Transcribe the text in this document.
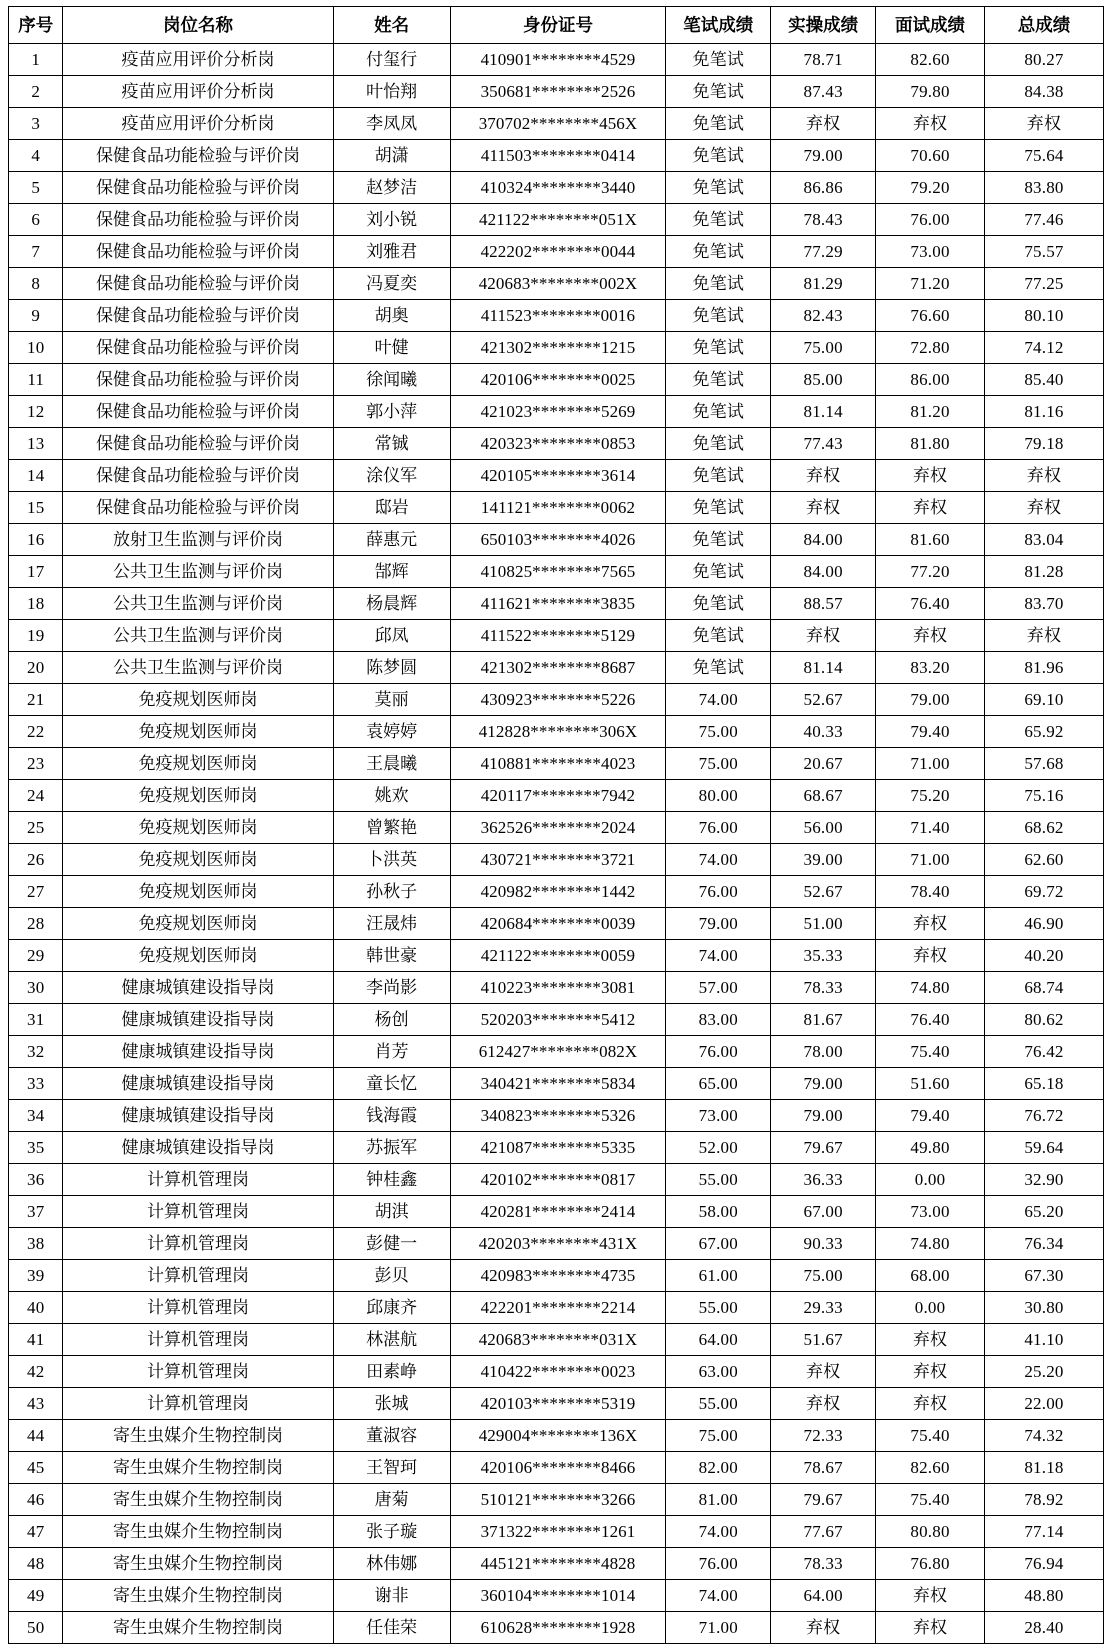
序号	岗位名称	姓名	身份证号	笔试成绩	实操成绩	面试成绩	总成绩
1	疫苗应用评价分析岗	付玺行	410901********4529	免笔试	78.71	82.60	80.27
2	疫苗应用评价分析岗	叶怡翔	350681********2526	免笔试	87.43	79.80	84.38
3	疫苗应用评价分析岗	李凤凤	370702********456X	免笔试	弃权	弃权	弃权
4	保健食品功能检验与评价岗	胡潇	411503********0414	免笔试	79.00	70.60	75.64
5	保健食品功能检验与评价岗	赵梦洁	410324********3440	免笔试	86.86	79.20	83.80
6	保健食品功能检验与评价岗	刘小锐	421122********051X	免笔试	78.43	76.00	77.46
7	保健食品功能检验与评价岗	刘雅君	422202********0044	免笔试	77.29	73.00	75.57
8	保健食品功能检验与评价岗	冯夏奕	420683********002X	免笔试	81.29	71.20	77.25
9	保健食品功能检验与评价岗	胡奥	411523********0016	免笔试	82.43	76.60	80.10
10	保健食品功能检验与评价岗	叶健	421302********1215	免笔试	75.00	72.80	74.12
11	保健食品功能检验与评价岗	徐闻曦	420106********0025	免笔试	85.00	86.00	85.40
12	保健食品功能检验与评价岗	郭小萍	421023********5269	免笔试	81.14	81.20	81.16
13	保健食品功能检验与评价岗	常铖	420323********0853	免笔试	77.43	81.80	79.18
14	保健食品功能检验与评价岗	涂仪军	420105********3614	免笔试	弃权	弃权	弃权
15	保健食品功能检验与评价岗	邸岩	141121********0062	免笔试	弃权	弃权	弃权
16	放射卫生监测与评价岗	薛惠元	650103********4026	免笔试	84.00	81.60	83.04
17	公共卫生监测与评价岗	郜辉	410825********7565	免笔试	84.00	77.20	81.28
18	公共卫生监测与评价岗	杨晨辉	411621********3835	免笔试	88.57	76.40	83.70
19	公共卫生监测与评价岗	邱凤	411522********5129	免笔试	弃权	弃权	弃权
20	公共卫生监测与评价岗	陈梦圆	421302********8687	免笔试	81.14	83.20	81.96
21	免疫规划医师岗	莫丽	430923********5226	74.00	52.67	79.00	69.10
22	免疫规划医师岗	袁婷婷	412828********306X	75.00	40.33	79.40	65.92
23	免疫规划医师岗	王晨曦	410881********4023	75.00	20.67	71.00	57.68
24	免疫规划医师岗	姚欢	420117********7942	80.00	68.67	75.20	75.16
25	免疫规划医师岗	曾繁艳	362526********2024	76.00	56.00	71.40	68.62
26	免疫规划医师岗	卜洪英	430721********3721	74.00	39.00	71.00	62.60
27	免疫规划医师岗	孙秋子	420982********1442	76.00	52.67	78.40	69.72
28	免疫规划医师岗	汪晟炜	420684********0039	79.00	51.00	弃权	46.90
29	免疫规划医师岗	韩世豪	421122********0059	74.00	35.33	弃权	40.20
30	健康城镇建设指导岗	李尚影	410223********3081	57.00	78.33	74.80	68.74
31	健康城镇建设指导岗	杨创	520203********5412	83.00	81.67	76.40	80.62
32	健康城镇建设指导岗	肖芳	612427********082X	76.00	78.00	75.40	76.42
33	健康城镇建设指导岗	童长忆	340421********5834	65.00	79.00	51.60	65.18
34	健康城镇建设指导岗	钱海霞	340823********5326	73.00	79.00	79.40	76.72
35	健康城镇建设指导岗	苏振军	421087********5335	52.00	79.67	49.80	59.64
36	计算机管理岗	钟桂鑫	420102********0817	55.00	36.33	0.00	32.90
37	计算机管理岗	胡淇	420281********2414	58.00	67.00	73.00	65.20
38	计算机管理岗	彭健一	420203********431X	67.00	90.33	74.80	76.34
39	计算机管理岗	彭贝	420983********4735	61.00	75.00	68.00	67.30
40	计算机管理岗	邱康齐	422201********2214	55.00	29.33	0.00	30.80
41	计算机管理岗	林湛航	420683********031X	64.00	51.67	弃权	41.10
42	计算机管理岗	田素峥	410422********0023	63.00	弃权	弃权	25.20
43	计算机管理岗	张城	420103********5319	55.00	弃权	弃权	22.00
44	寄生虫媒介生物控制岗	董淑容	429004********136X	75.00	72.33	75.40	74.32
45	寄生虫媒介生物控制岗	王智珂	420106********8466	82.00	78.67	82.60	81.18
46	寄生虫媒介生物控制岗	唐菊	510121********3266	81.00	79.67	75.40	78.92
47	寄生虫媒介生物控制岗	张子璇	371322********1261	74.00	77.67	80.80	77.14
48	寄生虫媒介生物控制岗	林伟娜	445121********4828	76.00	78.33	76.80	76.94
49	寄生虫媒介生物控制岗	谢非	360104********1014	74.00	64.00	弃权	48.80
50	寄生虫媒介生物控制岗	任佳荣	610628********1928	71.00	弃权	弃权	28.40
